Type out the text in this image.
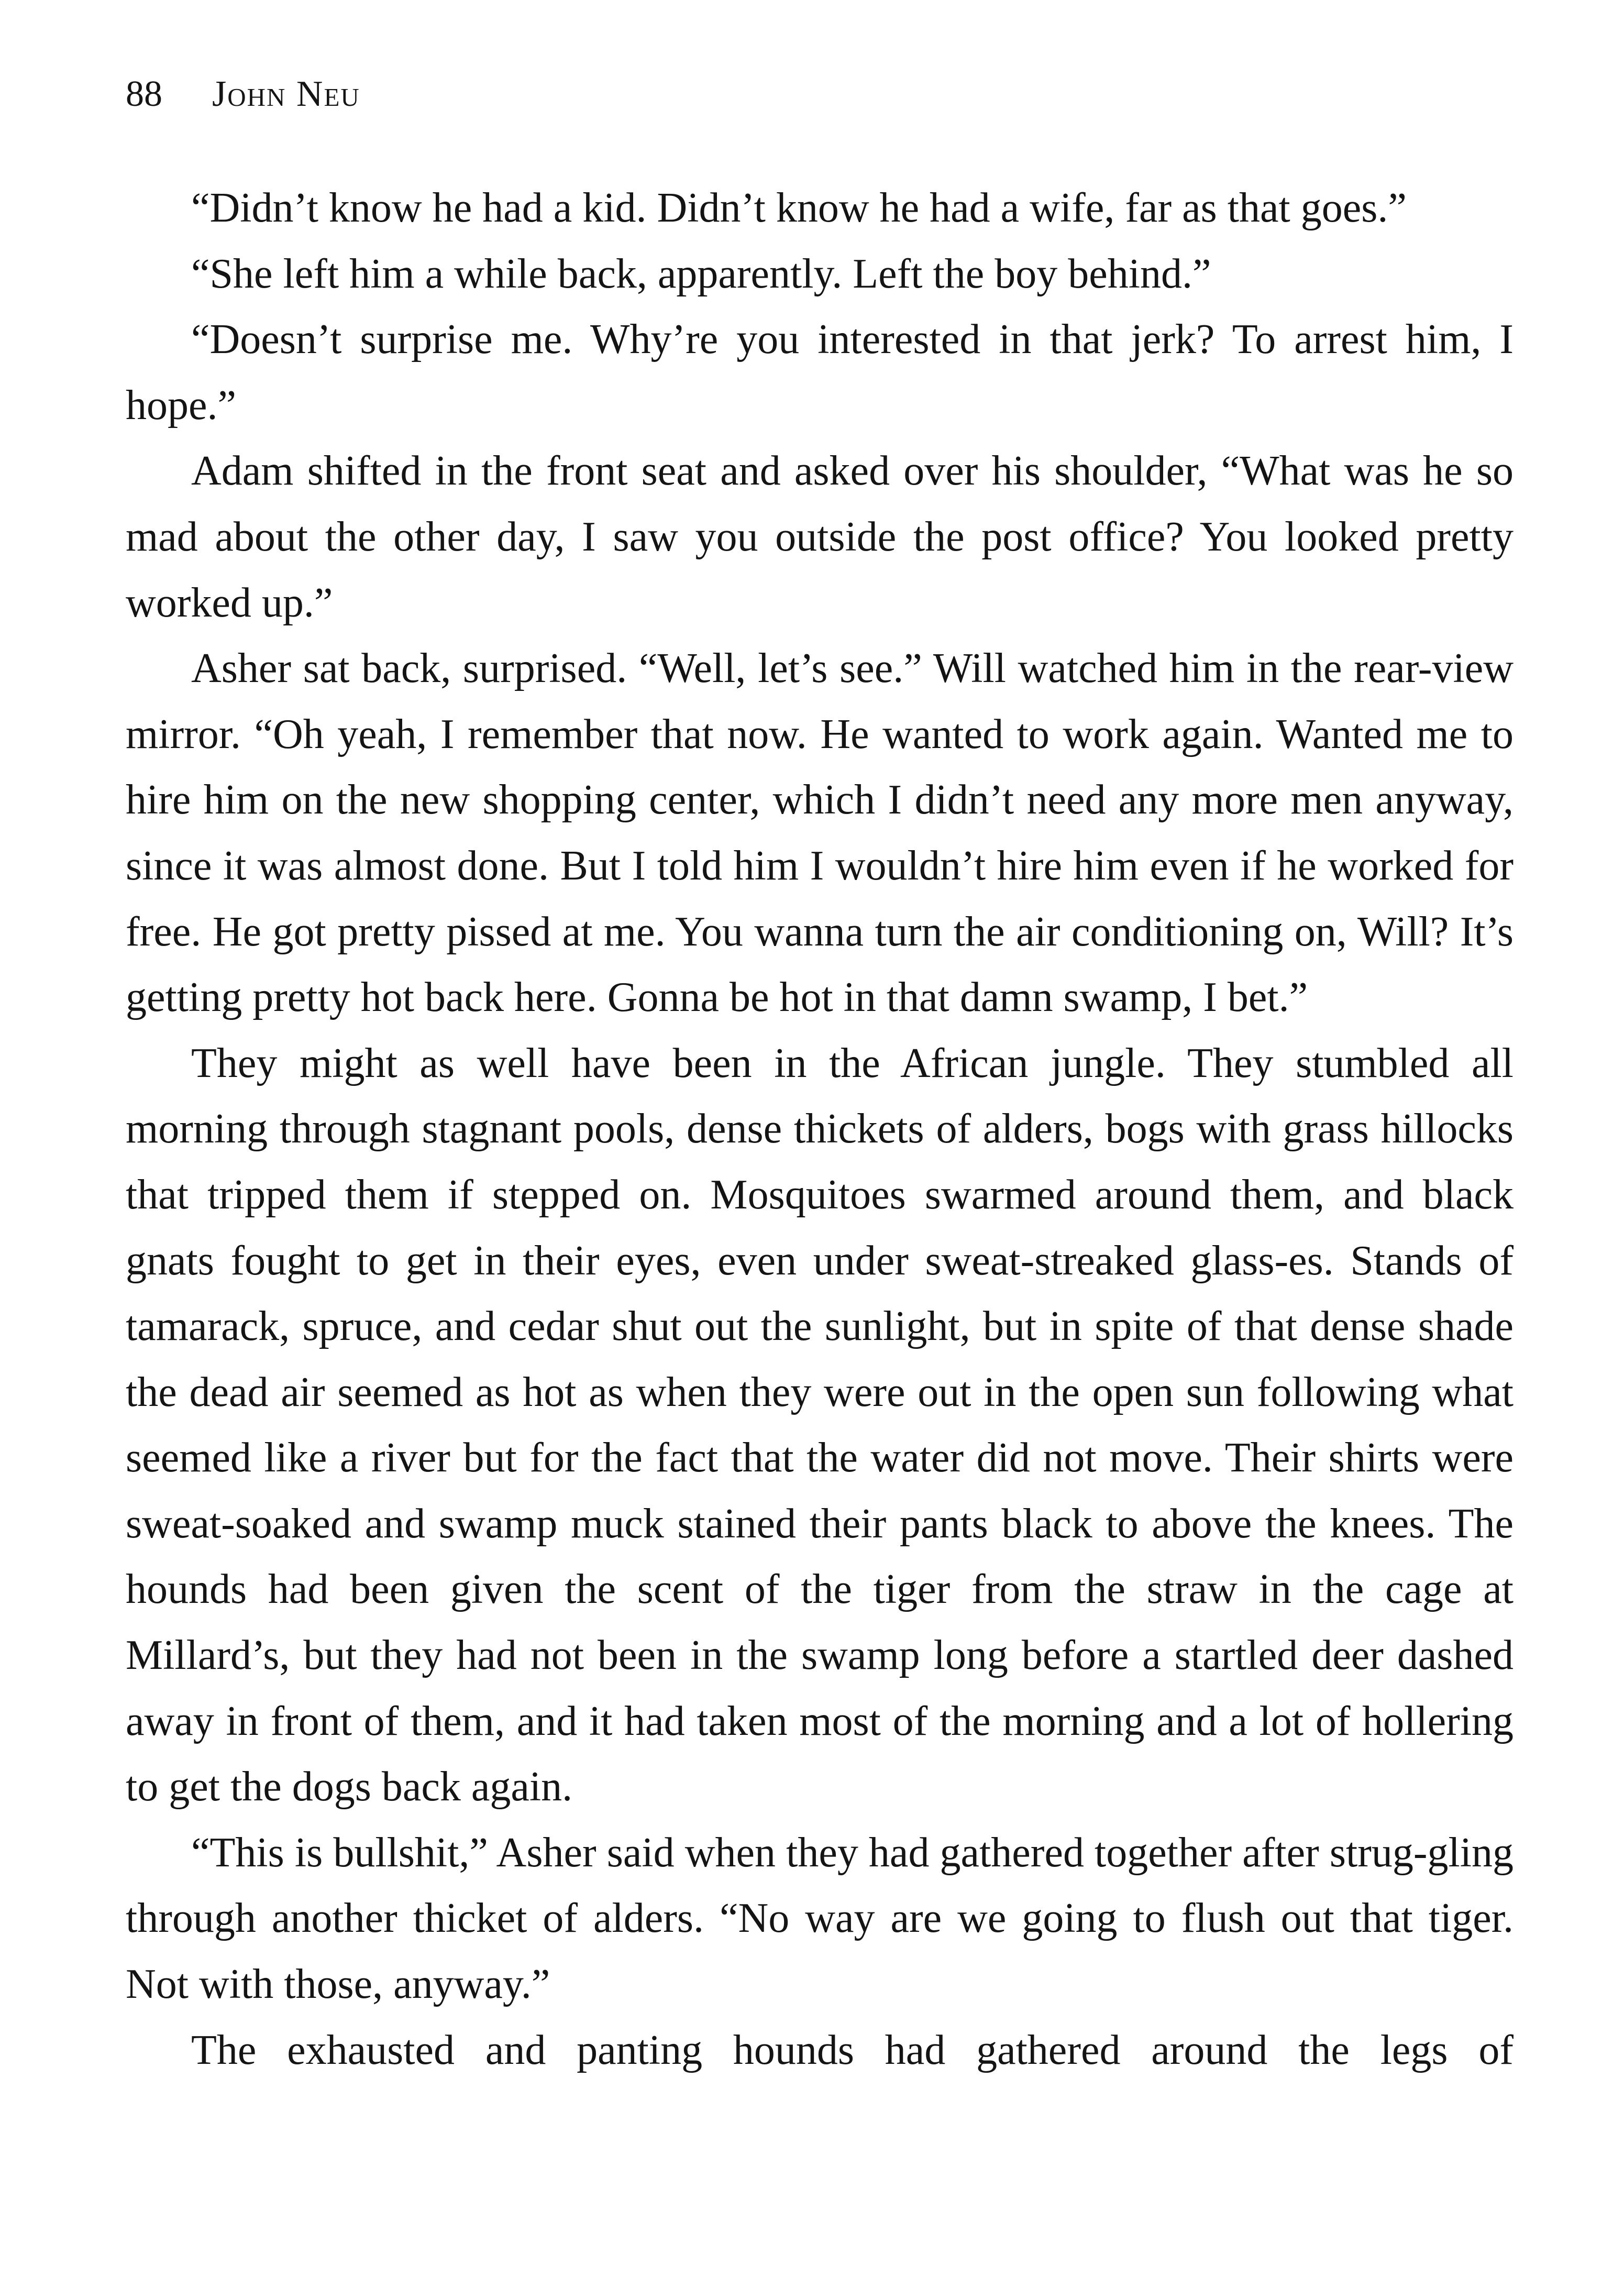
88 John Neu

“Didn’t know he had a kid. Didn’t know he had a wife, far as that goes.”

“She left him a while back, apparently. Left the boy behind.”

“Doesn’t surprise me. Why’re you interested in that jerk? To arrest him, I hope.”

Adam shifted in the front seat and asked over his shoulder, “What was he so mad about the other day, I saw you outside the post office? You looked pretty worked up.”

Asher sat back, surprised. “Well, let’s see.” Will watched him in the rear-view mirror. “Oh yeah, I remember that now. He wanted to work again. Wanted me to hire him on the new shopping center, which I didn’t need any more men anyway, since it was almost done. But I told him I wouldn’t hire him even if he worked for free. He got pretty pissed at me. You wanna turn the air conditioning on, Will? It’s getting pretty hot back here. Gonna be hot in that damn swamp, I bet.”

They might as well have been in the African jungle. They stumbled all morning through stagnant pools, dense thickets of alders, bogs with grass hillocks that tripped them if stepped on. Mosquitoes swarmed around them, and black gnats fought to get in their eyes, even under sweat-streaked glass-es. Stands of tamarack, spruce, and cedar shut out the sunlight, but in spite of that dense shade the dead air seemed as hot as when they were out in the open sun following what seemed like a river but for the fact that the water did not move. Their shirts were sweat-soaked and swamp muck stained their pants black to above the knees. The hounds had been given the scent of the tiger from the straw in the cage at Millard’s, but they had not been in the swamp long before a startled deer dashed away in front of them, and it had taken most of the morning and a lot of hollering to get the dogs back again.

“This is bullshit,” Asher said when they had gathered together after strug-gling through another thicket of alders. “No way are we going to flush out that tiger. Not with those, anyway.”

The exhausted and panting hounds had gathered around the legs of
